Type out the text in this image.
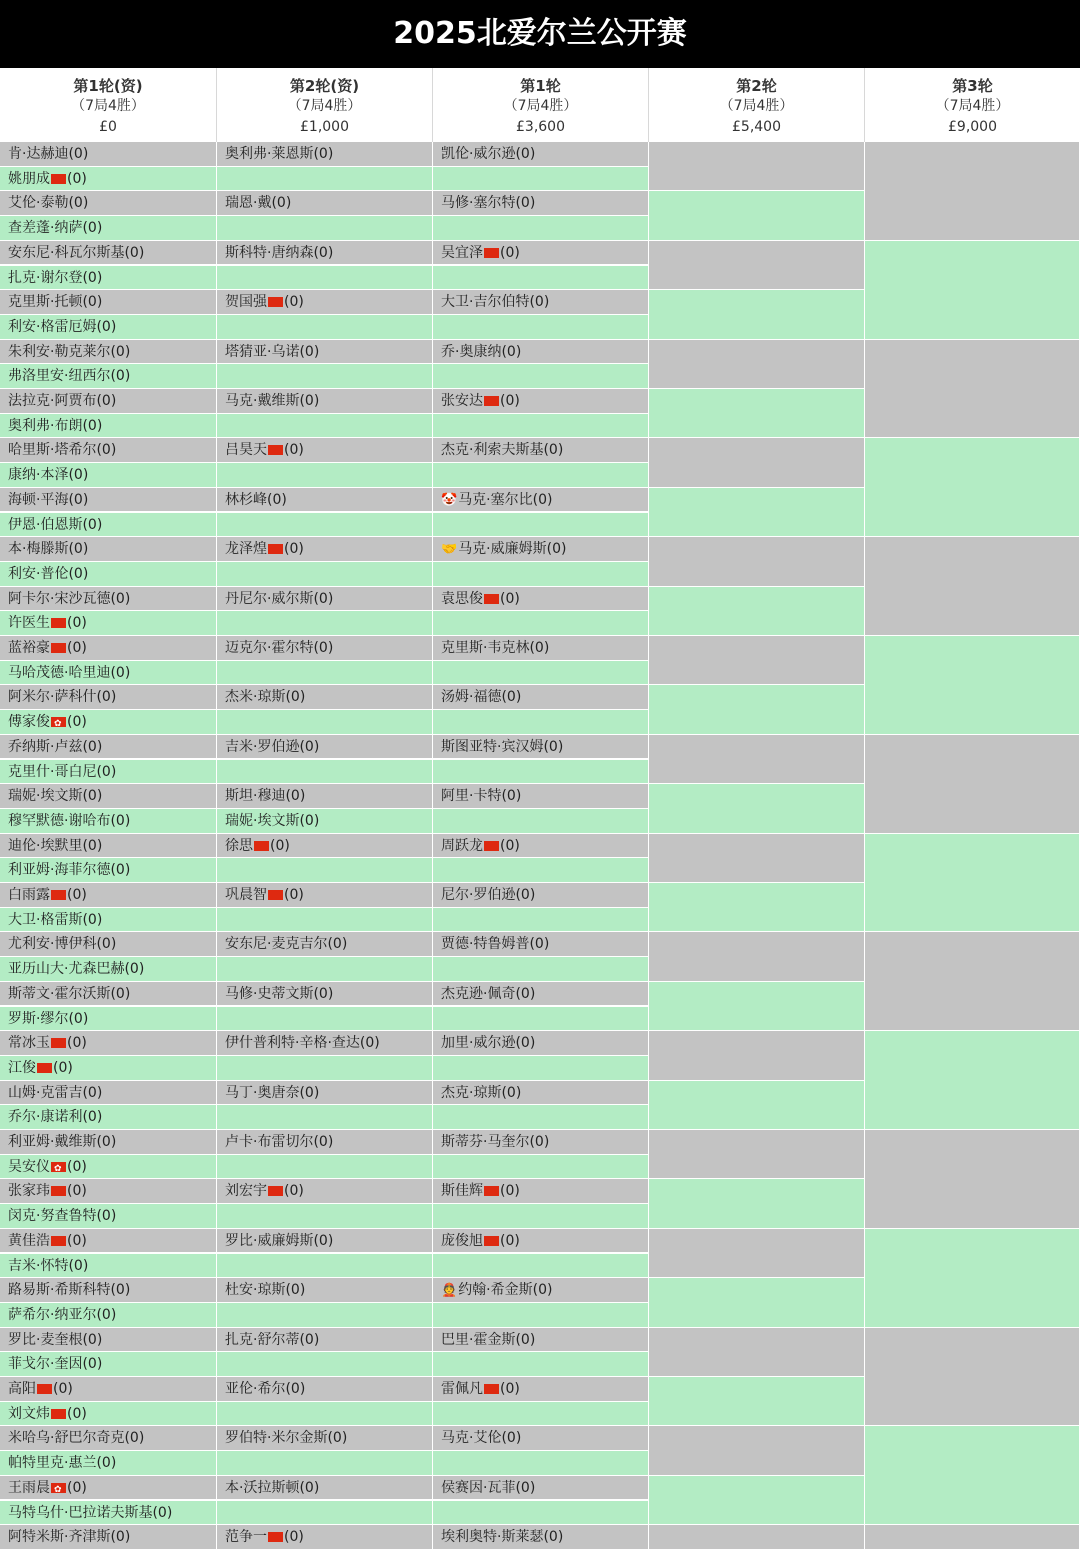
2025北爱尔兰公开赛
第1轮(资)
（7局4胜）
£0
第2轮(资)
（7局4胜）
£1,000
第1轮
（7局4胜）
£3,600
第2轮
（7局4胜）
£5,400
第3轮
（7局4胜）
£9,000
肯·达赫迪(0)
姚朋成 (0)
艾伦·泰勒(0)
查差蓬·纳萨(0)
安东尼·科瓦尔斯基(0)
扎克·谢尔登(0)
克里斯·托顿(0)
利安·格雷厄姆(0)
朱利安·勒克莱尔(0)
弗洛里安·纽西尔(0)
法拉克·阿贾布(0)
奥利弗·布朗(0)
哈里斯·塔希尔(0)
康纳·本泽(0)
海顿·平海(0)
伊恩·伯恩斯(0)
本·梅滕斯(0)
利安·普伦(0)
阿卡尔·宋沙瓦德(0)
许医生 (0)
蓝裕豪 (0)
马哈茂德·哈里迪(0)
阿米尔·萨科什(0)
傅家俊 ✿ (0)
乔纳斯·卢兹(0)
克里什·哥白尼(0)
瑞妮·埃文斯(0)
穆罕默德·谢哈布(0)
迪伦·埃默里(0)
利亚姆·海菲尔德(0)
白雨露 (0)
大卫·格雷斯(0)
尤利安·博伊科(0)
亚历山大·尤森巴赫(0)
斯蒂文·霍尔沃斯(0)
罗斯·缪尔(0)
常冰玉 (0)
江俊 (0)
山姆·克雷吉(0)
乔尔·康诺利(0)
利亚姆·戴维斯(0)
吴安仪 ✿ (0)
张家玮 (0)
闵克·努查鲁特(0)
黄佳浩 (0)
吉米·怀特(0)
路易斯·希斯科特(0)
萨希尔·纳亚尔(0)
罗比·麦奎根(0)
菲戈尔·奎因(0)
高阳 (0)
刘文炜 (0)
米哈乌·舒巴尔奇克(0)
帕特里克·惠兰(0)
王雨晨 ✿ (0)
马特乌什·巴拉诺夫斯基(0)
阿特米斯·齐津斯(0)
奥利弗·莱恩斯(0)
瑞恩·戴(0)
斯科特·唐纳森(0)
贺国强 (0)
塔猜亚·乌诺(0)
马克·戴维斯(0)
吕昊天 (0)
林杉峰(0)
龙泽煌 (0)
丹尼尔·威尔斯(0)
迈克尔·霍尔特(0)
杰米·琼斯(0)
吉米·罗伯逊(0)
斯坦·穆迪(0)
瑞妮·埃文斯(0)
徐思 (0)
巩晨智 (0)
安东尼·麦克吉尔(0)
马修·史蒂文斯(0)
伊什普利特·辛格·查达(0)
马丁·奥唐奈(0)
卢卡·布雷切尔(0)
刘宏宇 (0)
罗比·威廉姆斯(0)
杜安·琼斯(0)
扎克·舒尔蒂(0)
亚伦·希尔(0)
罗伯特·米尔金斯(0)
本·沃拉斯顿(0)
范争一 (0)
凯伦·威尔逊(0)
马修·塞尔特(0)
吴宜泽 (0)
大卫·吉尔伯特(0)
乔·奥康纳(0)
张安达 (0)
杰克·利索夫斯基(0)
🤡马克·塞尔比(0)
🤝马克·威廉姆斯(0)
袁思俊 (0)
克里斯·韦克林(0)
汤姆·福德(0)
斯图亚特·宾汉姆(0)
阿里·卡特(0)
周跃龙 (0)
尼尔·罗伯逊(0)
贾德·特鲁姆普(0)
杰克逊·佩奇(0)
加里·威尔逊(0)
杰克·琼斯(0)
斯蒂芬·马奎尔(0)
斯佳辉 (0)
庞俊旭 (0)
👲约翰·希金斯(0)
巴里·霍金斯(0)
雷佩凡 (0)
马克·艾伦(0)
侯赛因·瓦菲(0)
埃利奥特·斯莱瑟(0)
